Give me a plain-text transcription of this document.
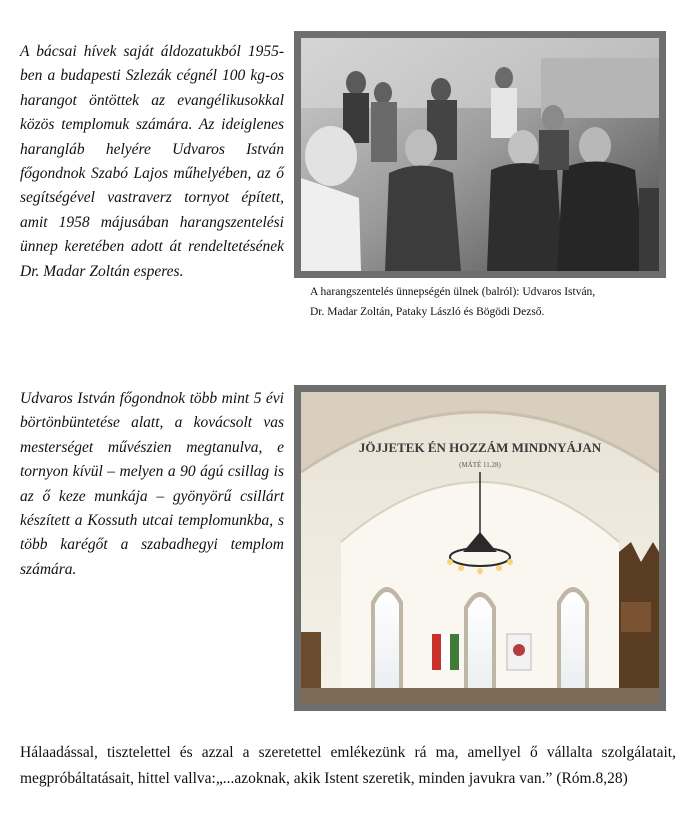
A bácsai hívek saját áldozatukból 1955-ben a budapesti Szlezák cégnél 100 kg-os harangot öntöttek az evangélikusokkal közös templomuk számára. Az ideiglenes harangláb helyére Udvaros István főgondnok Szabó Lajos műhelyében, az ő segítségével vastraverz tornyot épített, amit 1958 májusában harangszentelési ünnep keretében adott át rendeltetésének Dr. Madar Zoltán esperes.
A harangszentelés ünnepségén ülnek (balról): Udvaros István,
Dr. Madar Zoltán, Pataky László és Bögödi Dezső.
Udvaros István főgondnok több mint 5 évi börtönbüntetése alatt, a kovácsolt vas mesterséget művészien megtanulva, e tornyon kívül – melyen a 90 ágú csillag is az ő keze munkája – gyönyörű csillárt készített a Kossuth utcai templomunkba, s több karégőt a szabadhegyi templom számára.
JÖJJETEK ÉN HOZZÁM MINDNYÁJAN
(MÁTÉ 11.28)
Hálaadással, tisztelettel és azzal a szeretettel emlékezünk rá ma, amellyel ő vállalta szolgálatait, megpróbáltatásait, hittel vallva:„...azoknak, akik Istent szeretik, minden javukra van.” (Róm.8,28)
